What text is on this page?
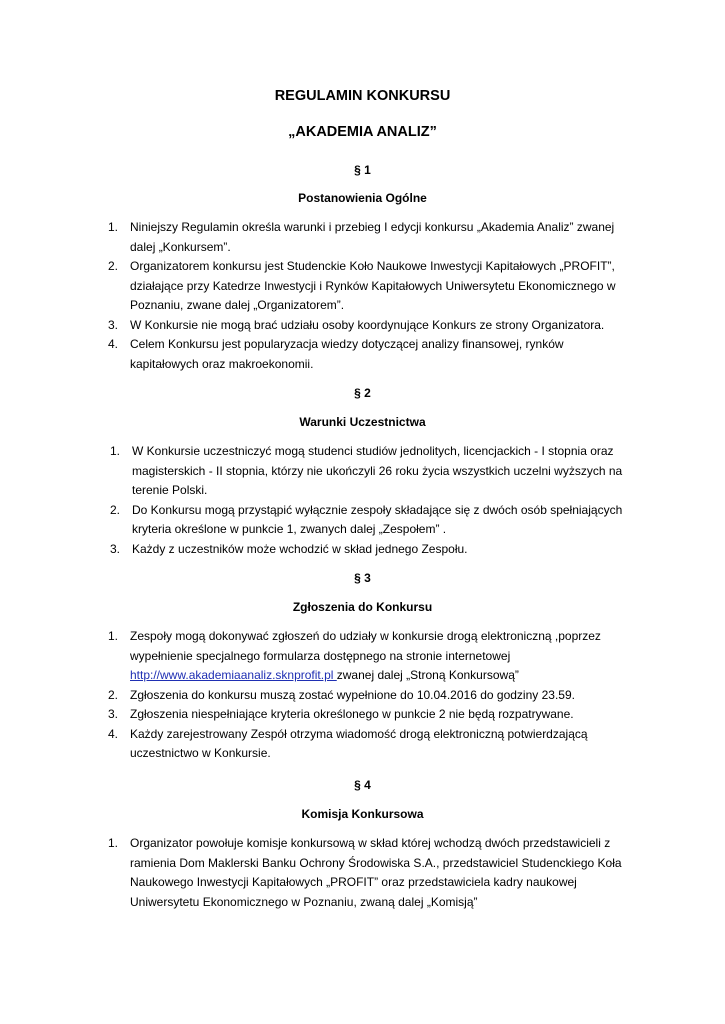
REGULAMIN KONKURSU
„AKADEMIA ANALIZ”
§ 1
Postanowienia Ogólne
1. Niniejszy Regulamin określa warunki i przebieg I edycji konkursu „Akademia Analiz” zwanej dalej „Konkursem”.
2. Organizatorem konkursu jest Studenckie Koło Naukowe Inwestycji Kapitałowych „PROFIT”, działające przy Katedrze Inwestycji i Rynków Kapitałowych Uniwersytetu Ekonomicznego w Poznaniu, zwane dalej „Organizatorem”.
3. W Konkursie nie mogą brać udziału osoby koordynujące Konkurs ze strony Organizatora.
4. Celem Konkursu jest popularyzacja wiedzy dotyczącej analizy finansowej, rynków kapitałowych oraz makroekonomii.
§ 2
Warunki Uczestnictwa
1. W Konkursie uczestniczyć mogą studenci studiów jednolitych, licencjackich - I stopnia oraz magisterskich - II stopnia, którzy nie ukończyli 26 roku życia wszystkich uczelni wyższych na terenie Polski.
2. Do Konkursu mogą przystąpić wyłącznie zespoły składające się z dwóch osób spełniających kryteria określone w punkcie 1, zwanych dalej „Zespołem” .
3. Każdy z uczestników może wchodzić w skład jednego Zespołu.
§ 3
Zgłoszenia do Konkursu
1. Zespoły mogą dokonywać zgłoszeń do udziały w konkursie drogą elektroniczną ,poprzez wypełnienie specjalnego formularza dostępnego na stronie internetowej http://www.akademiaanaliz.sknprofit.pl zwanej dalej „Stroną Konkursową”
2. Zgłoszenia do konkursu muszą zostać wypełnione do 10.04.2016 do godziny 23.59.
3. Zgłoszenia niespełniające kryteria określonego w punkcie 2 nie będą rozpatrywane.
4. Każdy zarejestrowany Zespół otrzyma wiadomość drogą elektroniczną potwierdzającą uczestnictwo w Konkursie.
§ 4
Komisja Konkursowa
1. Organizator powołuje komisje konkursową w skład której wchodzą dwóch przedstawicieli z ramienia Dom Maklerski Banku Ochrony Środowiska S.A., przedstawiciel Studenckiego Koła Naukowego Inwestycji Kapitałowych „PROFIT” oraz przedstawiciela kadry naukowej Uniwersytetu Ekonomicznego w Poznaniu, zwaną dalej „Komisją”
